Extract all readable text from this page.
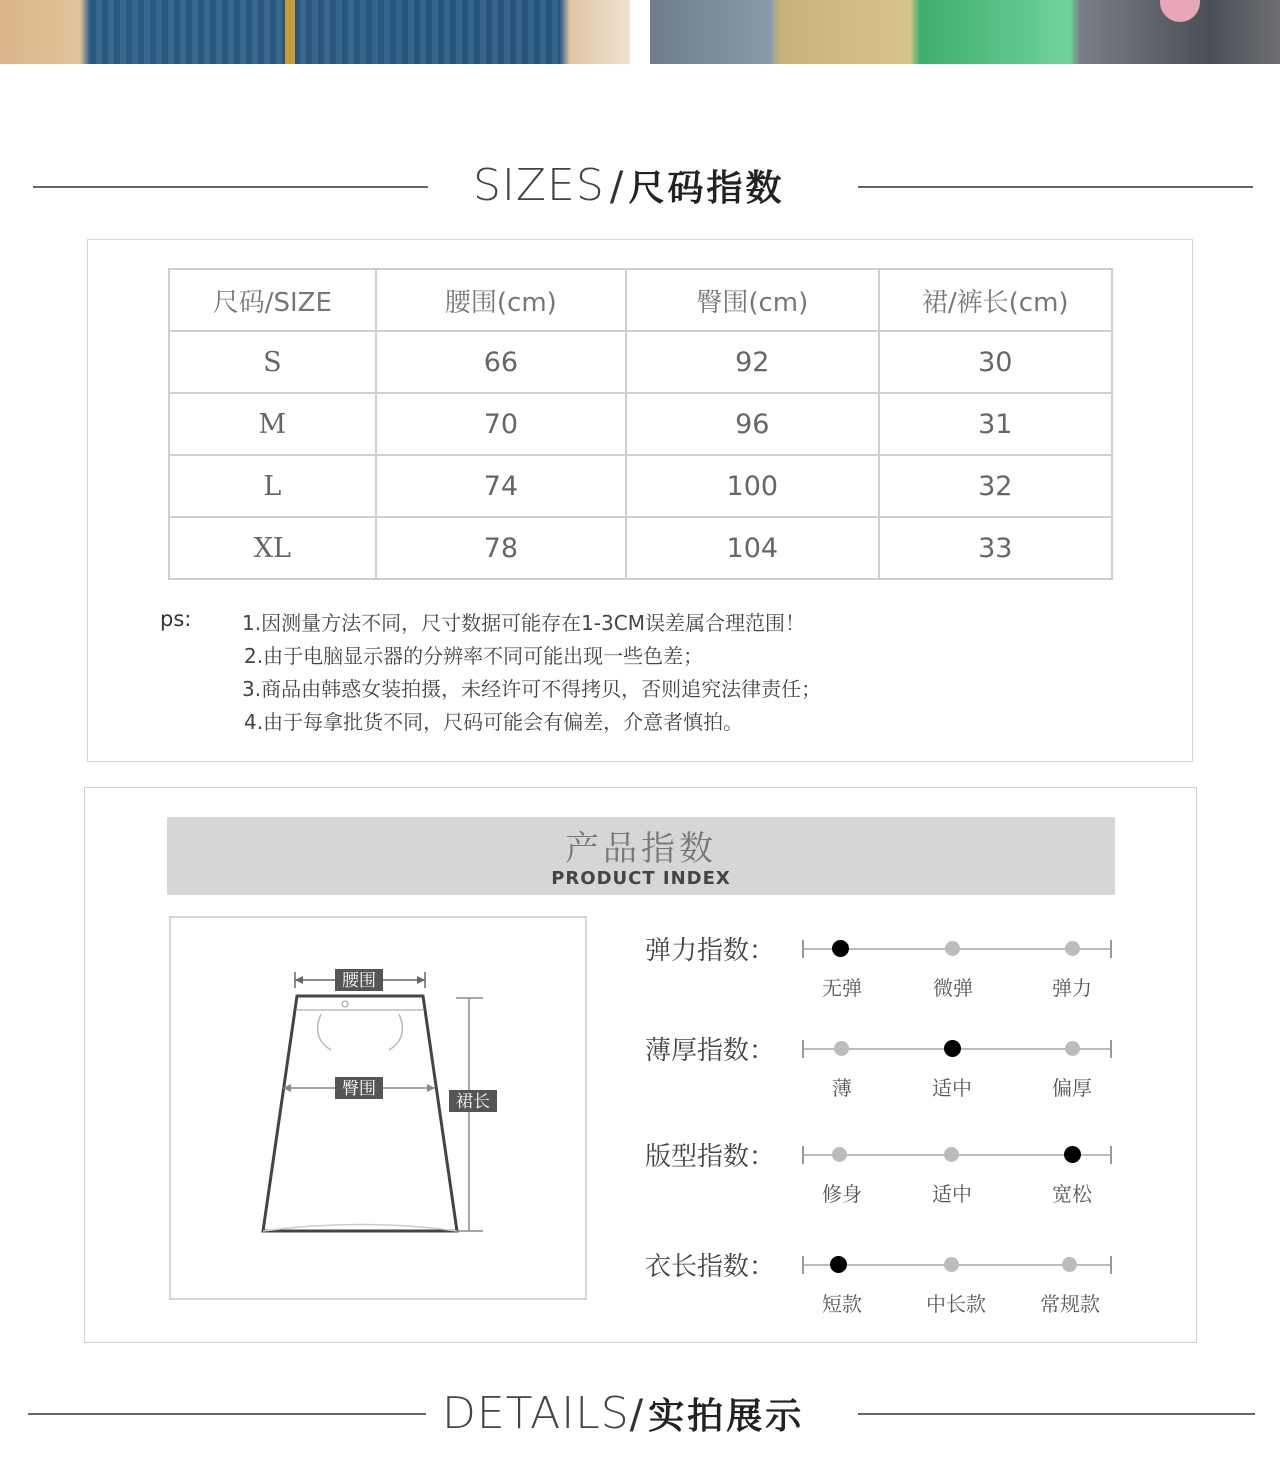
SIZES / 尺码指数
尺码/SIZE	腰围(cm)	臀围(cm)	裙/裤长(cm)
S	66	92	30
M	70	96	31
L	74	100	32
XL	78	104	33
ps:	1.因测量方法不同，尺寸数据可能存在1-3CM误差属合理范围！
2.由于电脑显示器的分辨率不同可能出现一些色差；
3.商品由韩惑女装拍摄，未经许可不得拷贝，否则追究法律责任；
4.由于每拿批货不同，尺码可能会有偏差，介意者慎拍。
产品指数
PRODUCT INDEX
腰围
臀围
裙长
弹力指数：
无弹	微弹	弹力
薄厚指数：
薄	适中	偏厚
版型指数：
修身	适中	宽松
衣长指数：
短款	中长款	常规款
DETAILS/ 实拍展示
